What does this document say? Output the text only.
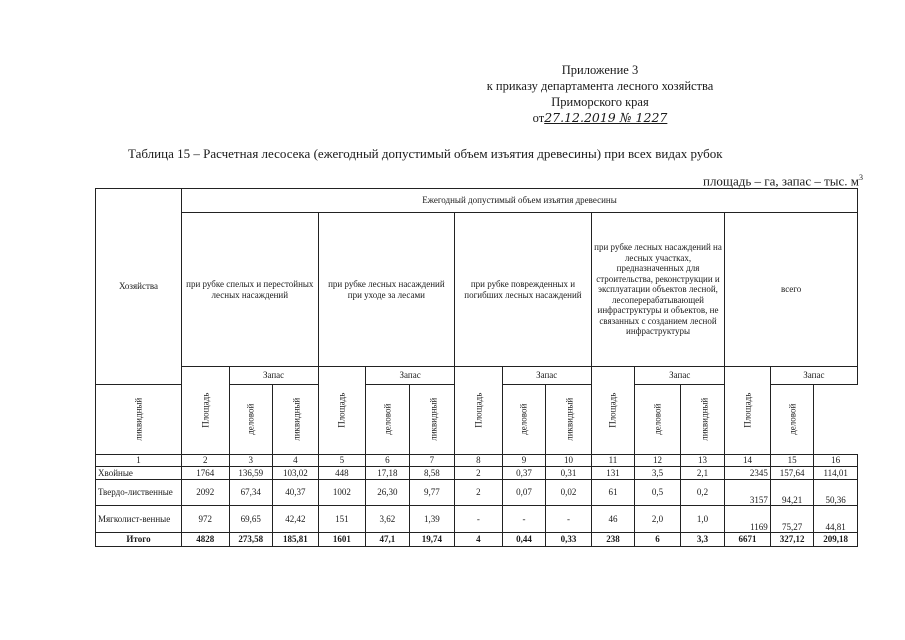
Приложение 3
к приказу департамента лесного хозяйства
Приморского края
от27.12.2019 № 1227
Таблица 15 – Расчетная лесосека (ежегодный допустимый объем изъятия древесины) при всех видах рубок
площадь – га, запас – тыс. $м^3$
Хозяйства	Ежегодный допустимый объем изъятия древесины														
	при рубке спелых и перестойных лесных насаждений			при рубке лесных насаждений при уходе за лесами			при рубке поврежденных и погибших лесных насаждений			при рубке лесных насаждений на лесных участках, предназначенных для строительства, реконструкции и эксплуатации объектов лесной, лесоперерабатывающей инфраструктуры и объектов, не связанных с созданием лесной инфраструктуры			всего		
	Площадь	Запас		Площадь	Запас		Площадь	Запас		Площадь	Запас		Площадь	Запас	
ликвидный		деловой	ликвидный		деловой	ликвидный		деловой	ликвидный		деловой	ликвидный		деловой	
1	2	3	4	5	6	7	8	9	10	11	12	13	14	15	16
Хвойные	1764	136,59	103,02	448	17,18	8,58	2	0,37	0,31	131	3,5	2,1	2345	157,64	114,01
Твердо-лиственные	2092	67,34	40,37	1002	26,30	9,77	2	0,07	0,02	61	0,5	0,2	3157	94,21	50,36
Мягколист-венные	972	69,65	42,42	151	3,62	1,39	-	-	-	46	2,0	1,0	1169	75,27	44,81
Итого	4828	273,58	185,81	1601	47,1	19,74	4	0,44	0,33	238	6	3,3	6671	327,12	209,18
